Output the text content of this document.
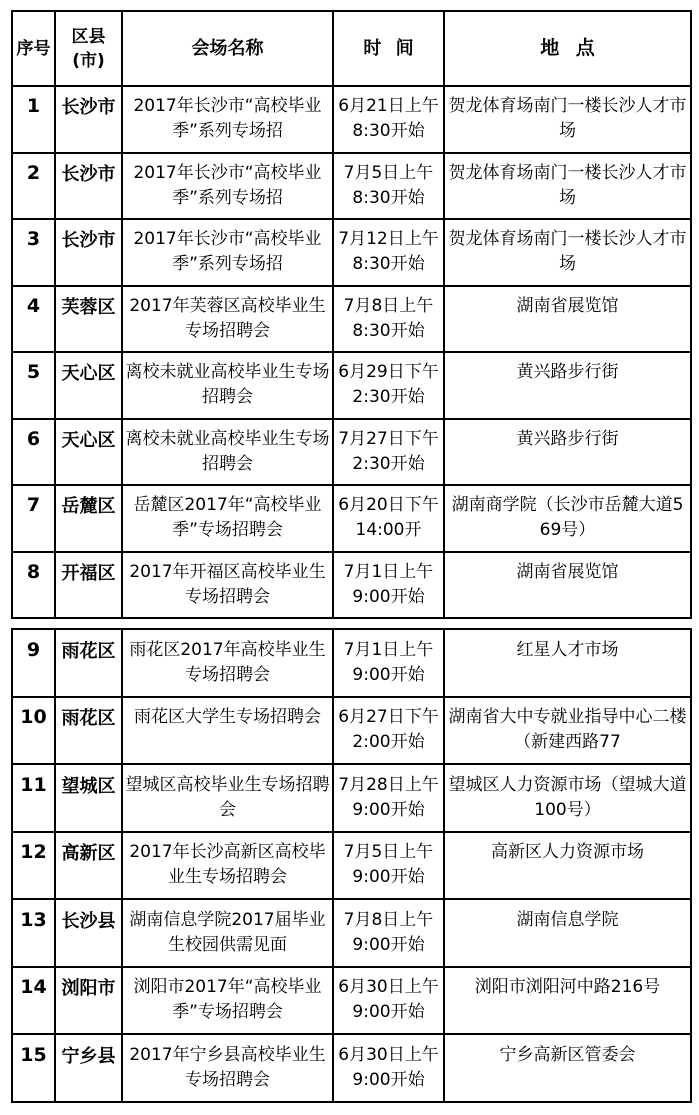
序号	区县(市)	会场名称	时 间	地 点

1	长沙市	2017年长沙市“高校毕业季”系列专场招	6月21日上午8:30开始	贺龙体育场南门一楼长沙人才市场

2	长沙市	2017年长沙市“高校毕业季”系列专场招	7月5日上午8:30开始	贺龙体育场南门一楼长沙人才市场

3	长沙市	2017年长沙市“高校毕业季”系列专场招	7月12日上午8:30开始	贺龙体育场南门一楼长沙人才市场

4	芙蓉区	2017年芙蓉区高校毕业生专场招聘会	7月8日上午8:30开始	湖南省展览馆

5	天心区	离校未就业高校毕业生专场招聘会	6月29日下午2:30开始	黄兴路步行街

6	天心区	离校未就业高校毕业生专场招聘会	7月27日下午2:30开始	黄兴路步行街

7	岳麓区	岳麓区2017年“高校毕业季”专场招聘会	6月20日下午14:00开	湖南商学院（长沙市岳麓大道569号）

8	开福区	2017年开福区高校毕业生专场招聘会	7月1日上午9:00开始	湖南省展览馆
9	雨花区	雨花区2017年高校毕业生专场招聘会	7月1日上午9:00开始	红星人才市场

10	雨花区	雨花区大学生专场招聘会	6月27日下午2:00开始	湖南省大中专就业指导中心二楼（新建西路77

11	望城区	望城区高校毕业生专场招聘会	7月28日上午9:00开始	望城区人力资源市场（望城大道100号）

12	高新区	2017年长沙高新区高校毕业生专场招聘会	7月5日上午9:00开始	高新区人力资源市场

13	长沙县	湖南信息学院2017届毕业生校园供需见面	7月8日上午9:00开始	湖南信息学院

14	浏阳市	浏阳市2017年“高校毕业季”专场招聘会	6月30日上午9:00开始	浏阳市浏阳河中路216号

15	宁乡县	2017年宁乡县高校毕业生专场招聘会	6月30日上午9:00开始	宁乡高新区管委会
